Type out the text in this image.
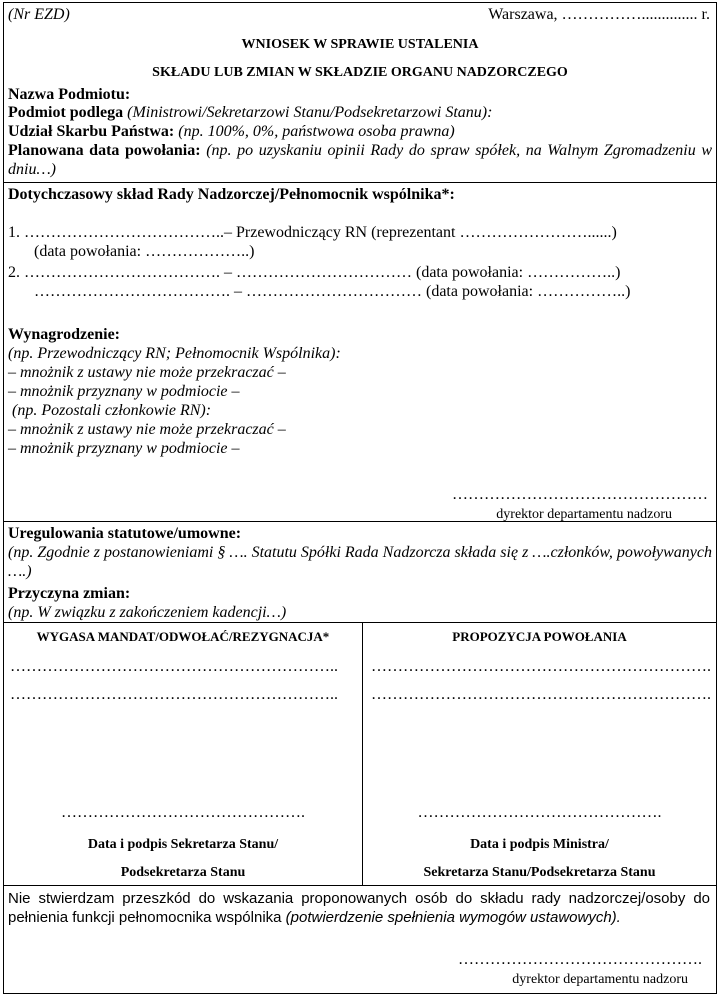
(Nr EZD)	Warszawa, …………….............. r.
WNIOSEK W SPRAWIE USTALENIA
SKŁADU LUB ZMIAN W SKŁADZIE ORGANU NADZORCZEGO
Nazwa Podmiotu:
Podmiot podlega (Ministrowi/Sekretarzowi Stanu/Podsekretarzowi Stanu):
Udział Skarbu Państwa: (np. 100%, 0%, państwowa osoba prawna)
Planowana data powołania: (np. po uzyskaniu opinii Rady do spraw spółek, na Walnym Zgromadzeniu w dniu…)
Dotychczasowy skład Rady Nadzorczej/Pełnomocnik wspólnika*:
1. ………………………………..– Przewodniczący RN (reprezentant ……………………......)
(data powołania: ………………..)
2. ………………………………. – …………………………… (data powołania: ……………..)
………………………………. – …………………………… (data powołania: ……………..)
Wynagrodzenie:
(np. Przewodniczący RN; Pełnomocnik Wspólnika):
– mnożnik z ustawy nie może przekraczać –
– mnożnik przyznany w podmiocie –
(np. Pozostali członkowie RN):
– mnożnik z ustawy nie może przekraczać –
– mnożnik przyznany w podmiocie –
…………………………………………
dyrektor departamentu nadzoru
Uregulowania statutowe/umowne:
(np. Zgodnie z postanowieniami § …. Statutu Spółki Rada Nadzorcza składa się z ….członków, powoływanych ….)
Przyczyna zmian:
(np. W związku z zakończeniem kadencji…)
WYGASA MANDAT/ODWOŁAĆ/REZYGNACJA*
……………………………………………………..
……………………………………………………..
……………………………………….
Data i podpis Sekretarza Stanu/
Podsekretarza Stanu
PROPOZYCJA POWOŁANIA
……………………………………………………….
……………………………………………………….
……………………………………….
Data i podpis Ministra/
Sekretarza Stanu/Podsekretarza Stanu
Nie stwierdzam przeszkód do wskazania proponowanych osób do składu rady nadzorczej/osoby do pełnienia funkcji pełnomocnika wspólnika (potwierdzenie spełnienia wymogów ustawowych).
……………………………………….
dyrektor departamentu nadzoru
